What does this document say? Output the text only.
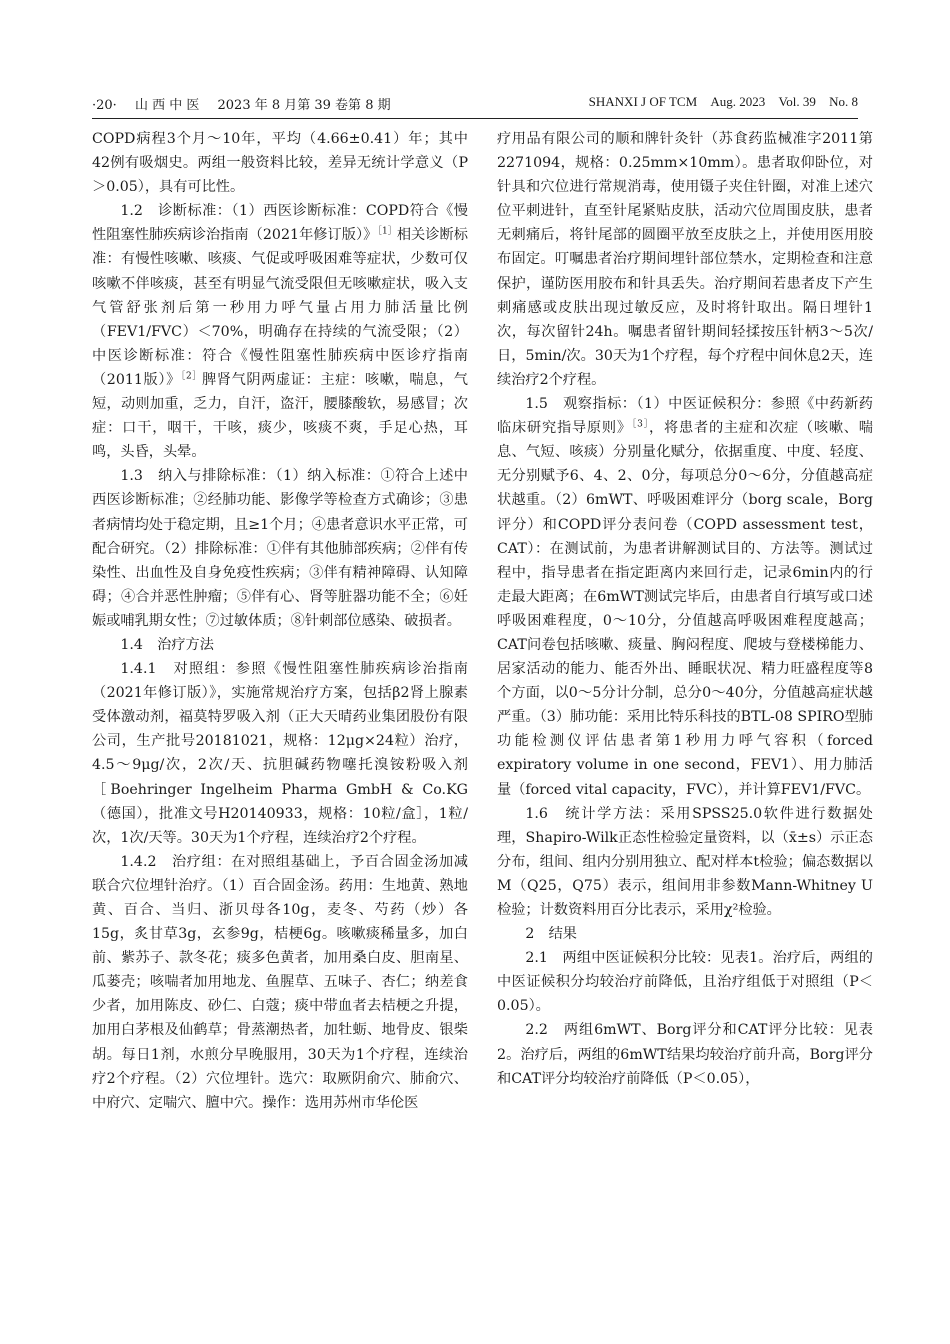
·20· 山 西 中 医 2023 年 8 月第 39 卷第 8 期	SHANXI J OF TCM Aug. 2023 Vol. 39 No. 8

COPD病程3个月～10年，平均（4.66±0.41）年；其中42例有吸烟史。两组一般资料比较，差异无统计学意义（P＞0.05），具有可比性。

1.2　诊断标准：（1）西医诊断标准：COPD符合《慢性阻塞性肺疾病诊治指南（2021年修订版）》$^{[1]}$相关诊断标准：有慢性咳嗽、咳痰、气促或呼吸困难等症状，少数可仅咳嗽不伴咳痰，甚至有明显气流受限但无咳嗽症状，吸入支气管舒张剂后第一秒用力呼气量占用力肺活量比例（FEV1/FVC）＜70%，明确存在持续的气流受限；（2）中医诊断标准：符合《慢性阻塞性肺疾病中医诊疗指南（2011版）》$^{[2]}$脾肾气阴两虚证：主症：咳嗽，喘息，气短，动则加重，乏力，自汗，盗汗，腰膝酸软，易感冒；次症：口干，咽干，干咳，痰少，咳痰不爽，手足心热，耳鸣，头昏，头晕。

1.3　纳入与排除标准：（1）纳入标准：①符合上述中西医诊断标准；②经肺功能、影像学等检查方式确诊；③患者病情均处于稳定期，且≥1个月；④患者意识水平正常，可配合研究。（2）排除标准：①伴有其他肺部疾病；②伴有传染性、出血性及自身免疫性疾病；③伴有精神障碍、认知障碍；④合并恶性肿瘤；⑤伴有心、肾等脏器功能不全；⑥妊娠或哺乳期女性；⑦过敏体质；⑧针刺部位感染、破损者。

1.4　治疗方法

1.4.1　对照组：参照《慢性阻塞性肺疾病诊治指南（2021年修订版）》，实施常规治疗方案，包括β2肾上腺素受体激动剂，福莫特罗吸入剂（正大天晴药业集团股份有限公司，生产批号20181021，规格：12μg×24粒）治疗，4.5～9μg/次，2次/天、抗胆碱药物噻托溴铵粉吸入剂［Boehringer Ingelheim Pharma GmbH & Co.KG（德国），批准文号H20140933，规格：10粒/盒］，1粒/次，1次/天等。30天为1个疗程，连续治疗2个疗程。

1.4.2　治疗组：在对照组基础上，予百合固金汤加减联合穴位埋针治疗。（1）百合固金汤。药用：生地黄、熟地黄、百合、当归、浙贝母各10g，麦冬、芍药（炒）各15g，炙甘草3g，玄参9g，桔梗6g。咳嗽痰稀量多，加白前、紫苏子、款冬花；痰多色黄者，加用桑白皮、胆南星、瓜蒌壳；咳喘者加用地龙、鱼腥草、五味子、杏仁；纳差食少者，加用陈皮、砂仁、白蔻；痰中带血者去桔梗之升提，加用白茅根及仙鹤草；骨蒸潮热者，加牡蛎、地骨皮、银柴胡。每日1剂，水煎分早晚服用，30天为1个疗程，连续治疗2个疗程。（2）穴位埋针。选穴：取厥阴俞穴、肺俞穴、中府穴、定喘穴、膻中穴。操作：选用苏州市华伦医

疗用品有限公司的顺和牌针灸针（苏食药监械准字2011第2271094，规格：0.25mm×10mm）。患者取仰卧位，对针具和穴位进行常规消毒，使用镊子夹住针圈，对准上述穴位平刺进针，直至针尾紧贴皮肤，活动穴位周围皮肤，患者无刺痛后，将针尾部的圆圈平放至皮肤之上，并使用医用胶布固定。叮嘱患者治疗期间埋针部位禁水，定期检查和注意保护，谨防医用胶布和针具丢失。治疗期间若患者皮下产生刺痛感或皮肤出现过敏反应，及时将针取出。隔日埋针1次，每次留针24h。嘱患者留针期间轻揉按压针柄3～5次/日，5min/次。30天为1个疗程，每个疗程中间休息2天，连续治疗2个疗程。

1.5　观察指标：（1）中医证候积分：参照《中药新药临床研究指导原则》$^{[3]}$，将患者的主症和次症（咳嗽、喘息、气短、咳痰）分别量化赋分，依据重度、中度、轻度、无分别赋予6、4、2、0分，每项总分0～6分，分值越高症状越重。（2）6mWT、呼吸困难评分（borg scale，Borg评分）和COPD评分表问卷（COPD assessment test，CAT）：在测试前，为患者讲解测试目的、方法等。测试过程中，指导患者在指定距离内来回行走，记录6min内的行走最大距离；在6mWT测试完毕后，由患者自行填写或口述呼吸困难程度，0～10分，分值越高呼吸困难程度越高；CAT问卷包括咳嗽、痰量、胸闷程度、爬坡与登楼梯能力、居家活动的能力、能否外出、睡眠状况、精力旺盛程度等8个方面，以0～5分计分制，总分0～40分，分值越高症状越严重。（3）肺功能：采用比特乐科技的BTL-08 SPIRO型肺功能检测仪评估患者第1秒用力呼气容积（forced expiratory volume in one second，FEV1）、用力肺活量（forced vital capacity，FVC），并计算FEV1/FVC。

1.6　统计学方法：采用SPSS25.0软件进行数据处理，Shapiro-Wilk正态性检验定量资料，以（x̄±s）示正态分布，组间、组内分别用独立、配对样本t检验；偏态数据以M（Q25，Q75）表示，组间用非参数Mann-Whitney U检验；计数资料用百分比表示，采用χ²检验。

2　结果

2.1　两组中医证候积分比较：见表1。治疗后，两组的中医证候积分均较治疗前降低，且治疗组低于对照组（P＜0.05）。

2.2　两组6mWT、Borg评分和CAT评分比较：见表2。治疗后，两组的6mWT结果均较治疗前升高，Borg评分和CAT评分均较治疗前降低（P＜0.05），
